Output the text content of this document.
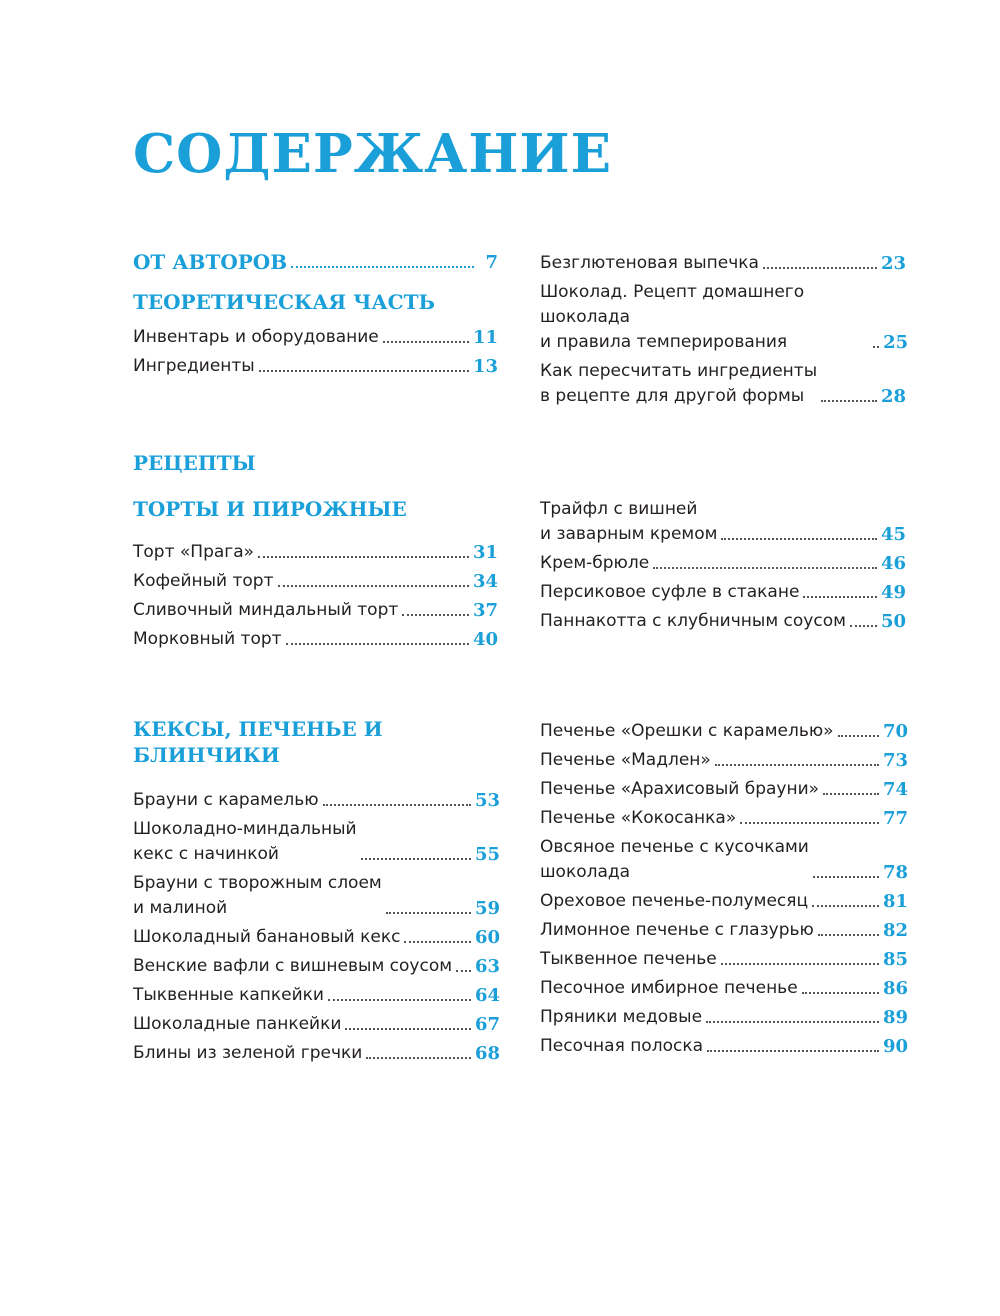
СОДЕРЖАНИЕ
ОТ АВТОРОВ	7
ТЕОРЕТИЧЕСКАЯ ЧАСТЬ
Инвентарь и оборудование	11
Ингредиенты	13
Безглютеновая выпечка	23
Шоколад. Рецепт домашнего шоколада
и правила темперирования	25
Как пересчитать ингредиенты
в рецепте для другой формы	28
РЕЦЕПТЫ
ТОРТЫ И ПИРОЖНЫЕ
Торт «Прага»	31
Кофейный торт	34
Сливочный миндальный торт	37
Морковный торт	40
Трайфл с вишней
и заварным кремом	45
Крем-брюле	46
Персиковое суфле в стакане	49
Паннакотта с клубничным соусом 50
КЕКСЫ, ПЕЧЕНЬЕ И БЛИНЧИКИ
Брауни с карамелью	53
Шоколадно-миндальный
кекс с начинкой	55
Брауни с творожным слоем
и малиной	59
Шоколадный банановый кекс	60
Венские вафли с вишневым соусом 63
Тыквенные капкейки	64
Шоколадные панкейки	67
Блины из зеленой гречки	68
Печенье «Орешки с карамелью»	70
Печенье «Мадлен»	73
Печенье «Арахисовый брауни»	74
Печенье «Кокосанка»	77
Овсяное печенье с кусочками
шоколада	78
Ореховое печенье-полумесяц	81
Лимонное печенье с глазурью	82
Тыквенное печенье	85
Песочное имбирное печенье	86
Пряники медовые	89
Песочная полоска	90
